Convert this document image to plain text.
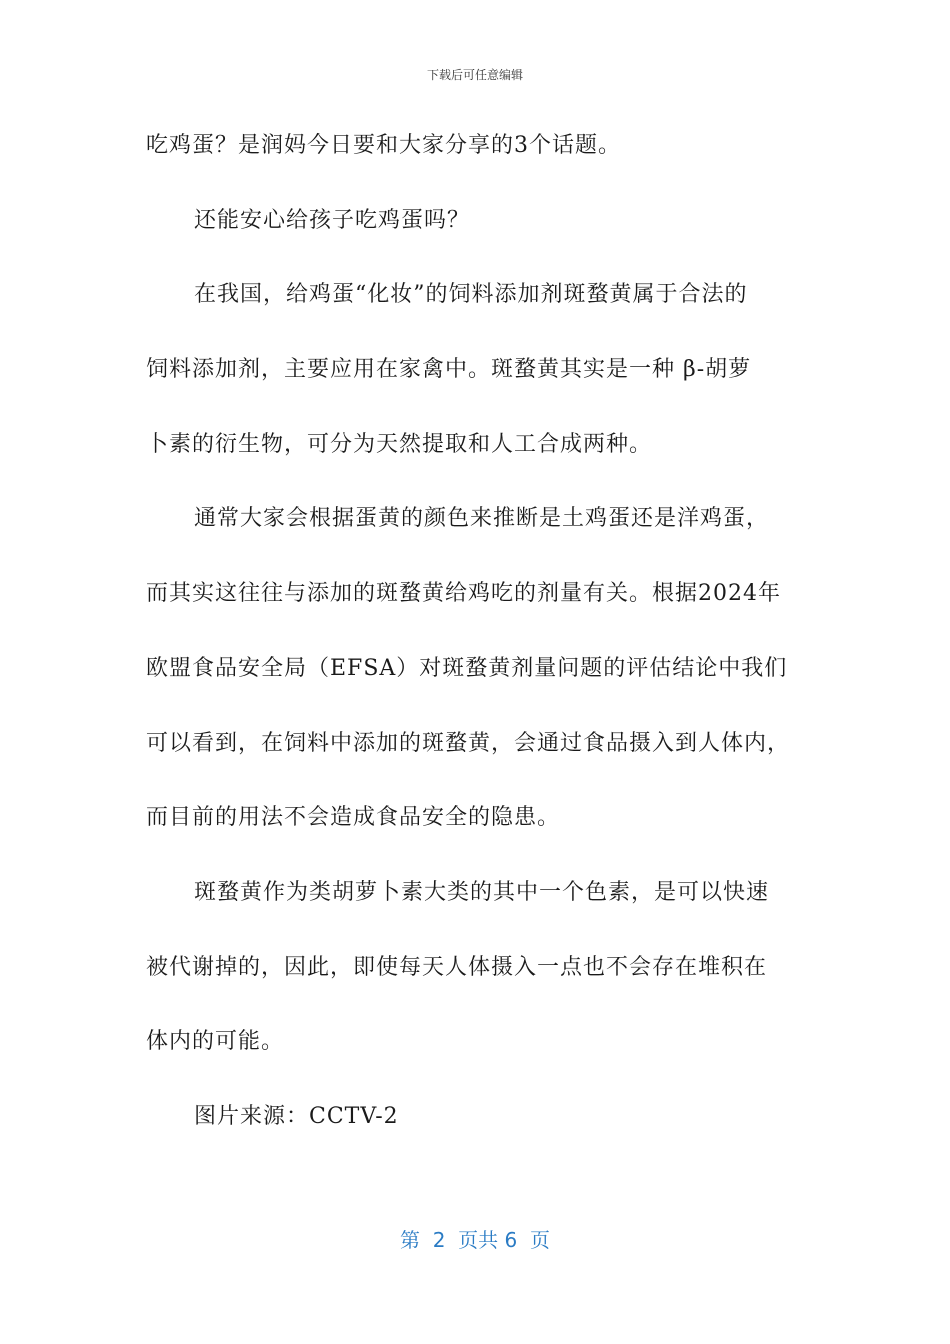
下载后可任意编辑
吃鸡蛋？是润妈今日要和大家分享的3个话题。
还能安心给孩子吃鸡蛋吗？
在我国，给鸡蛋“化妆”的饲料添加剂斑蝥黄属于合法的
饲料添加剂，主要应用在家禽中。斑蝥黄其实是一种 β-胡萝
卜素的衍生物，可分为天然提取和人工合成两种。
通常大家会根据蛋黄的颜色来推断是土鸡蛋还是洋鸡蛋，
而其实这往往与添加的斑蝥黄给鸡吃的剂量有关。根据2024年
欧盟食品安全局（EFSA）对斑蝥黄剂量问题的评估结论中我们
可以看到，在饲料中添加的斑蝥黄，会通过食品摄入到人体内，
而目前的用法不会造成食品安全的隐患。
斑蝥黄作为类胡萝卜素大类的其中一个色素，是可以快速
被代谢掉的，因此，即使每天人体摄入一点也不会存在堆积在
体内的可能。
图片来源：CCTV-2
第  2  页共 6  页
